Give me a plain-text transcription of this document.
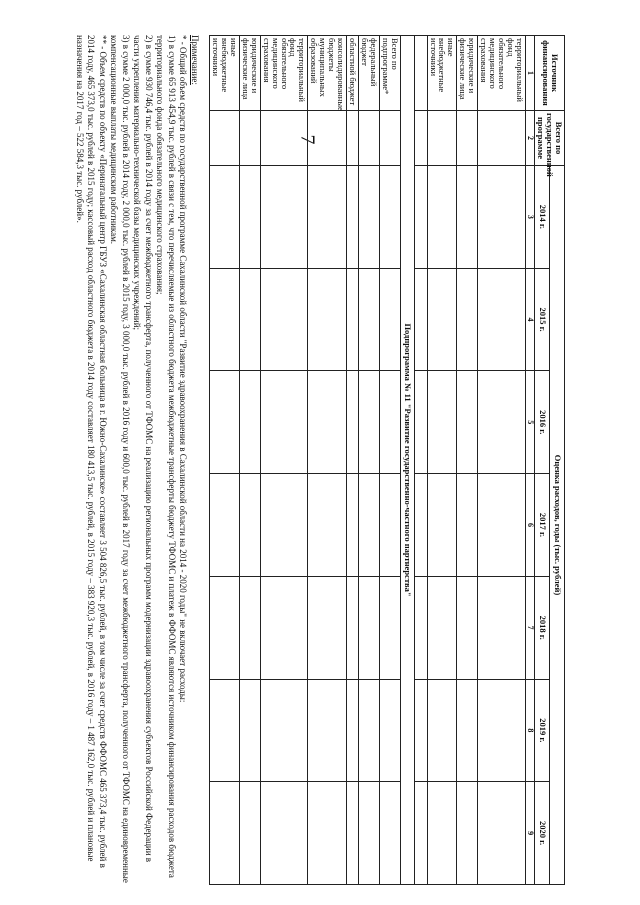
7
Источник финансирования	Всего по государственной программе	Оценка расходов, годы (тыс. рублей)						
		2014 г.	2015 г.	2016 г.	2017 г.	2018 г.	2019 г.	2020 г.
1	2	3	4	5	6	7	8	9
территориальный фонд обязательного медицинского страхования								
юридические и физические лица								
иные внебюджетные источники								

Подпрограмма № 11 "Развитие государственно-частного партнерства"								
Всего по подпрограмме*								
федеральный бюджет								
областной бюджет								
консолидированные бюджеты муниципальных образований								
территориальный фонд обязательного медицинского страхования								
юридические и физические лица								
иные внебюджетные источники								

Примечание:

* - Общий объем средств по государственной программе Сахалинской области "Развитие здравоохранения в Сахалинской области на 2014 - 2020 годы" не включает расходы:

1) в сумме 65 913 454,9 тыс. рублей в связи с тем, что перечисляемые из областного бюджета межбюджетные трансферты бюджету ТФОМС и платеж в ФФОМС являются источником финансирования расходов бюджета территориального фонда обязательного медицинского страхования;

2) в сумме 930 746,4 тыс. рублей в 2014 году за счет межбюджетного трансферта, полученного от ТФОМС на реализацию региональных программ модернизации здравоохранения субъектов Российской Федерации в части укрепления материально-технической базы медицинских учреждений;

3) в сумме 2 000,0 тыс. рублей в 2014 году, 2 000,0 тыс. рублей в 2015 году, 3 000,0 тыс. рублей в 2016 году и 600,0 тыс. рублей в 2017 году за счет межбюджетного трансферта, полученного от ТФОМС на единовременные компенсационные выплаты медицинским работникам.

** - Объем средств по объекту «Перинатальный центр ГБУЗ «Сахалинская областная больница в г. Южно-Сахалинске» составляет 3 504 826,5 тыс. рублей, в том числе за счет средств ФФОМС 465 373,4 тыс. рублей в 2014 году, 465 373,0 тыс. рублей в 2015 году; кассовый расход областного бюджета в 2014 году составляет 180 413,5 тыс. рублей, в 2015 году – 383 920,3 тыс. рублей, в 2016 году – 1 487 162,0 тыс. рублей и плановые назначения на 2017 год – 522 584,3 тыс. рублей».
